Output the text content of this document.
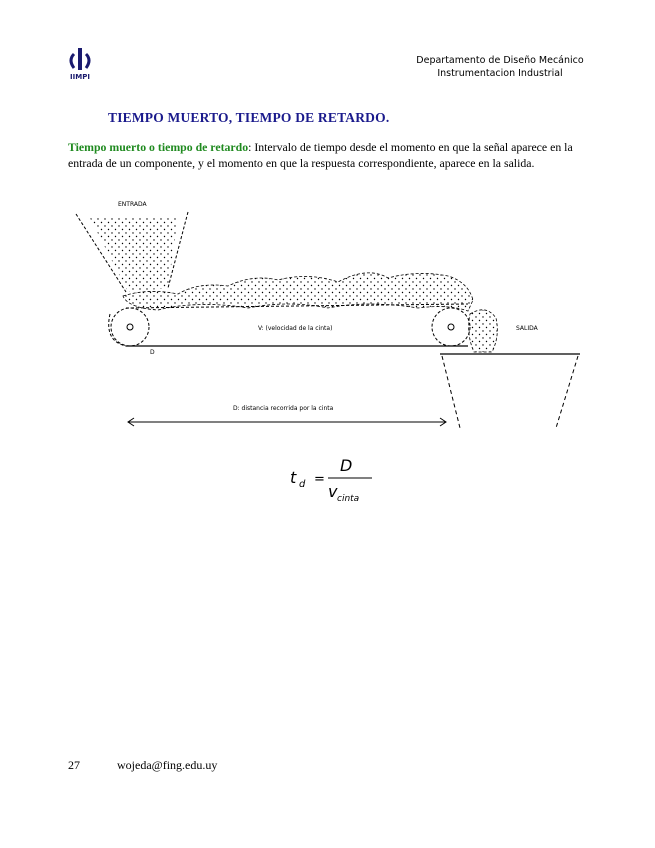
IIMPI
Departamento de Diseño Mecánico
Instrumentacion Industrial
TIEMPO MUERTO, TIEMPO DE RETARDO.
Tiempo muerto o tiempo de retardo: Intervalo de tiempo desde el momento en que la señal aparece en la entrada de un componente, y el momento en que la respuesta correspondiente, aparece en la salida.
ENTRADA
D
V: (velocidad de la cinta)	SALIDA
D: distancia recorrida por la cinta
t d =
D
v cinta
27	wojeda@fing.edu.uy
